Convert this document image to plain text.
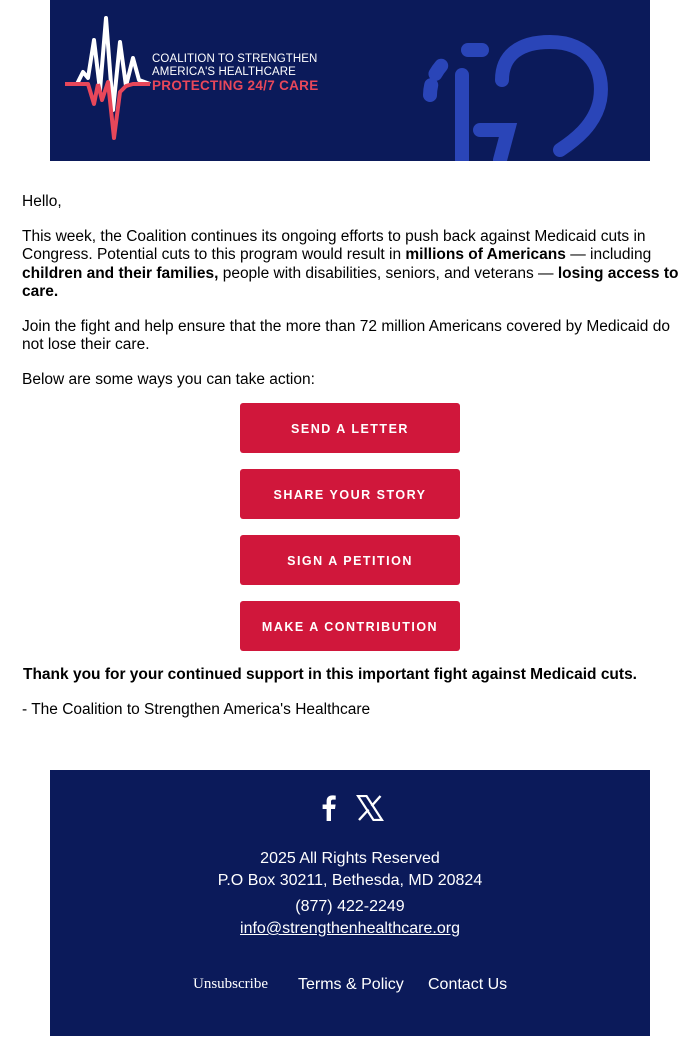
COALITION TO STRENGTHEN
AMERICA'S HEALTHCARE
PROTECTING 24/7 CARE

Hello,

This week, the Coalition continues its ongoing efforts to push back against Medicaid cuts in Congress. Potential cuts to this program would result in millions of Americans — including children and their families, people with disabilities, seniors, and veterans — losing access to care.

Join the fight and help ensure that the more than 72 million Americans covered by Medicaid do not lose their care.

Below are some ways you can take action:

SEND A LETTER
SHARE YOUR STORY
SIGN A PETITION
MAKE A CONTRIBUTION
Thank you for your continued support in this important fight against Medicaid cuts.
- The Coalition to Strengthen America's Healthcare
2025 All Rights Reserved
P.O Box 30211, Bethesda, MD 20824
(877) 422-2249
info@strengthenhealthcare.org
Unsubscribe Terms & Policy Contact Us
